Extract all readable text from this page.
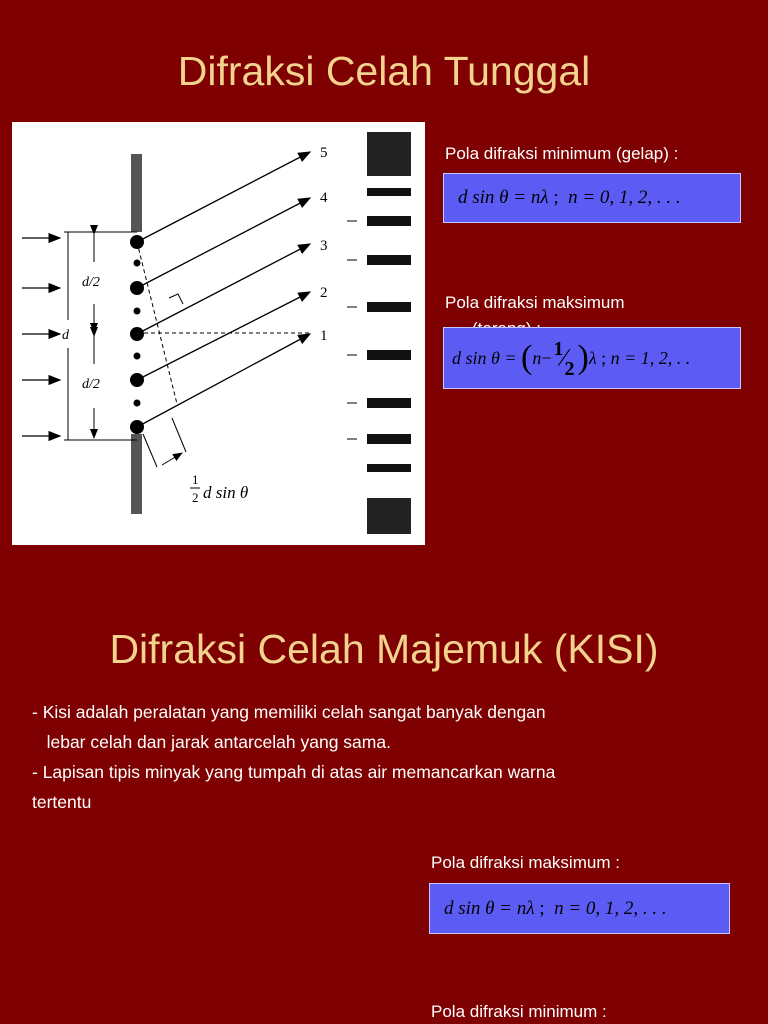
Difraksi Celah Tunggal
d/2
d/2
d
5
4
3
2
1
1
2 d sin θ
Pola difraksi minimum (gelap) :
d sin θ = nλ ; n = 0, 1, 2, . . .
Pola difraksi maksimum
d sin θ = ( n − 1
2 ) λ ; n = 1, 2, . .
Difraksi Celah Majemuk (KISI)

- Kisi adalah peralatan yang memiliki celah sangat banyak dengan

lebar celah dan jarak antarcelah yang sama.

- Lapisan tipis minyak yang tumpah di atas air memancarkan warna

tertentu

Pola difraksi maksimum :
d sin θ = nλ ; n = 0, 1, 2, . . .
Pola difraksi minimum :
